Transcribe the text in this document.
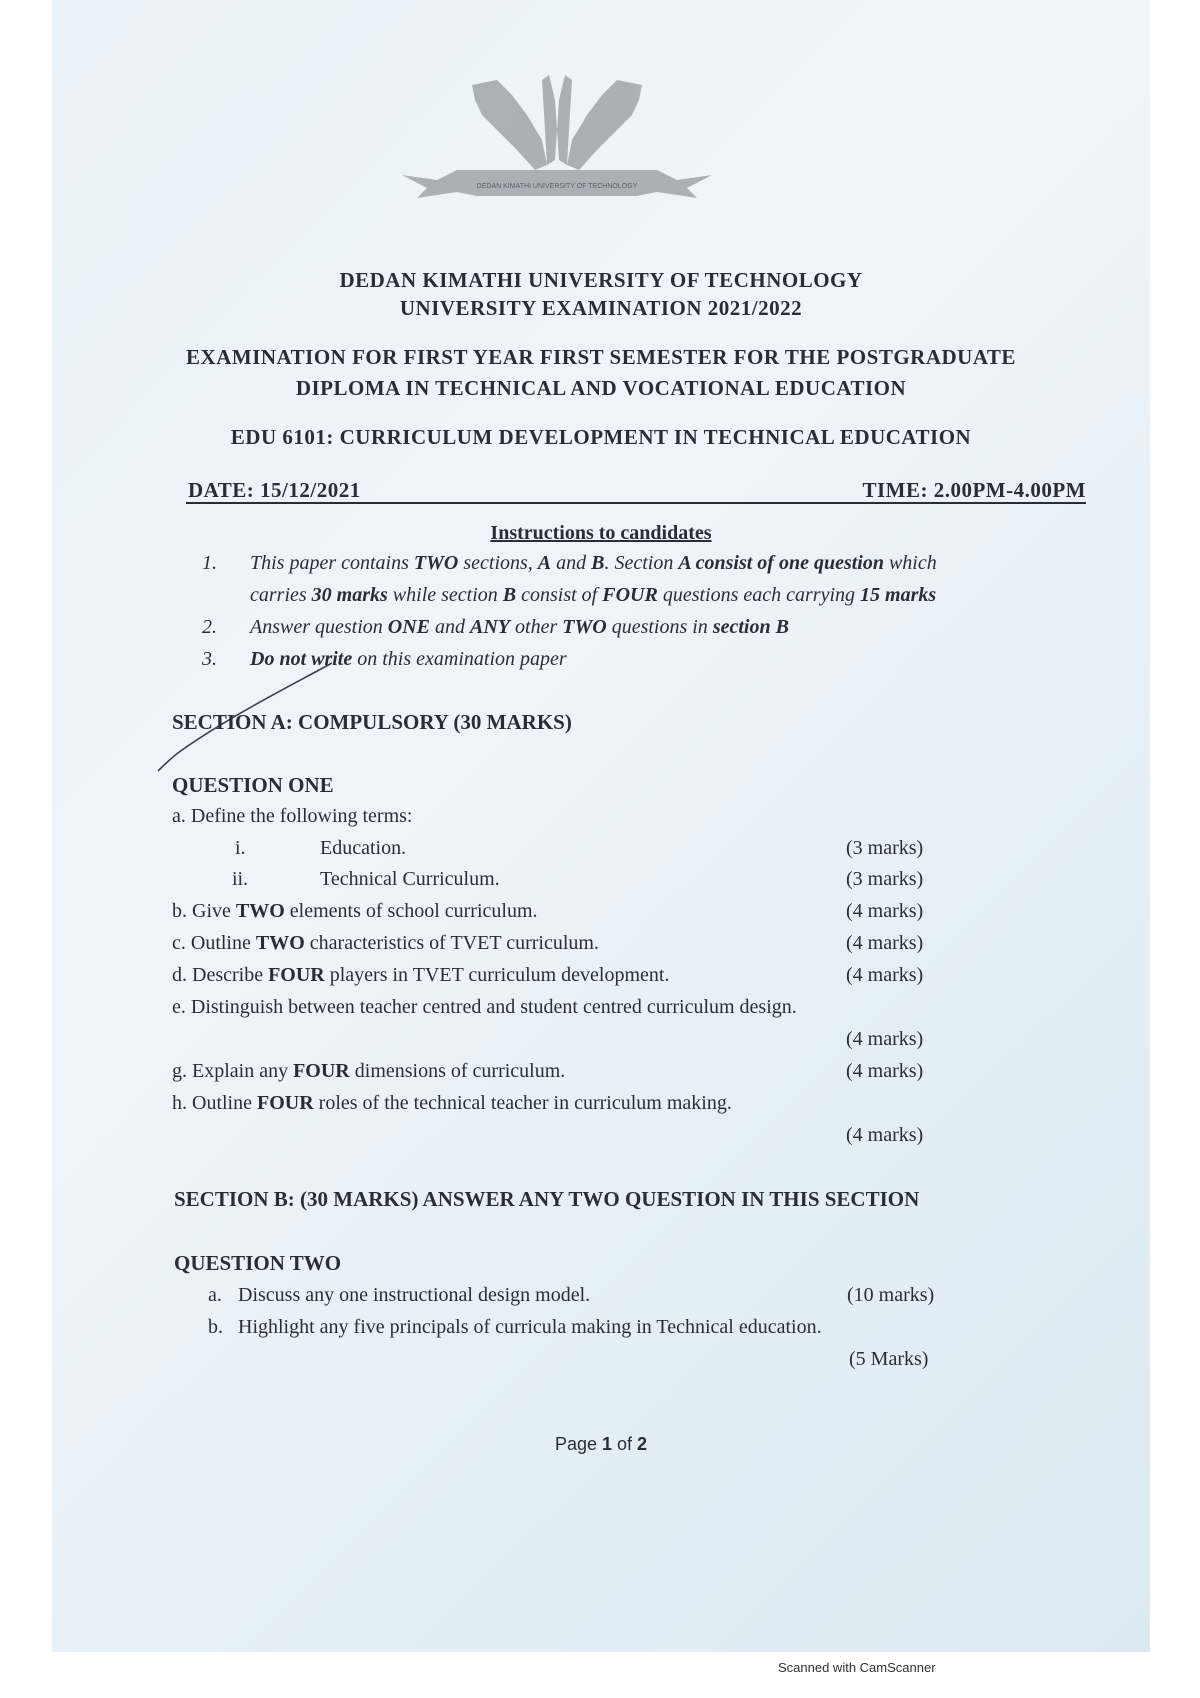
DEDAN KIMATHI UNIVERSITY OF TECHNOLOGY
DEDAN KIMATHI UNIVERSITY OF TECHNOLOGY
UNIVERSITY EXAMINATION 2021/2022
EXAMINATION FOR FIRST YEAR FIRST SEMESTER FOR THE POSTGRADUATE
DIPLOMA IN TECHNICAL AND VOCATIONAL EDUCATION
EDU 6101: CURRICULUM DEVELOPMENT IN TECHNICAL EDUCATION
DATE: 15/12/2021	TIME: 2.00PM-4.00PM
Instructions to candidates
1. This paper contains TWO sections, A and B. Section A consist of one question which
carries 30 marks while section B consist of FOUR questions each carrying 15 marks
2. Answer question ONE and ANY other TWO questions in section B
3. Do not write on this examination paper
SECTION A: COMPULSORY (30 MARKS)
QUESTION ONE
a. Define the following terms:
i.	Education.	(3 marks)
ii.	Technical Curriculum.	(3 marks)
b. Give TWO elements of school curriculum.	(4 marks)
c. Outline TWO characteristics of TVET curriculum.	(4 marks)
d. Describe FOUR players in TVET curriculum development.	(4 marks)
e. Distinguish between teacher centred and student centred curriculum design.
(4 marks)
g. Explain any FOUR dimensions of curriculum.	(4 marks)
h. Outline FOUR roles of the technical teacher in curriculum making.
(4 marks)
SECTION B: (30 MARKS) ANSWER ANY TWO QUESTION IN THIS SECTION
QUESTION TWO
a. Discuss any one instructional design model.	(10 marks)
b. Highlight any five principals of curricula making in Technical education.
(5 Marks)
Page 1 of 2
Scanned with CamScanner
